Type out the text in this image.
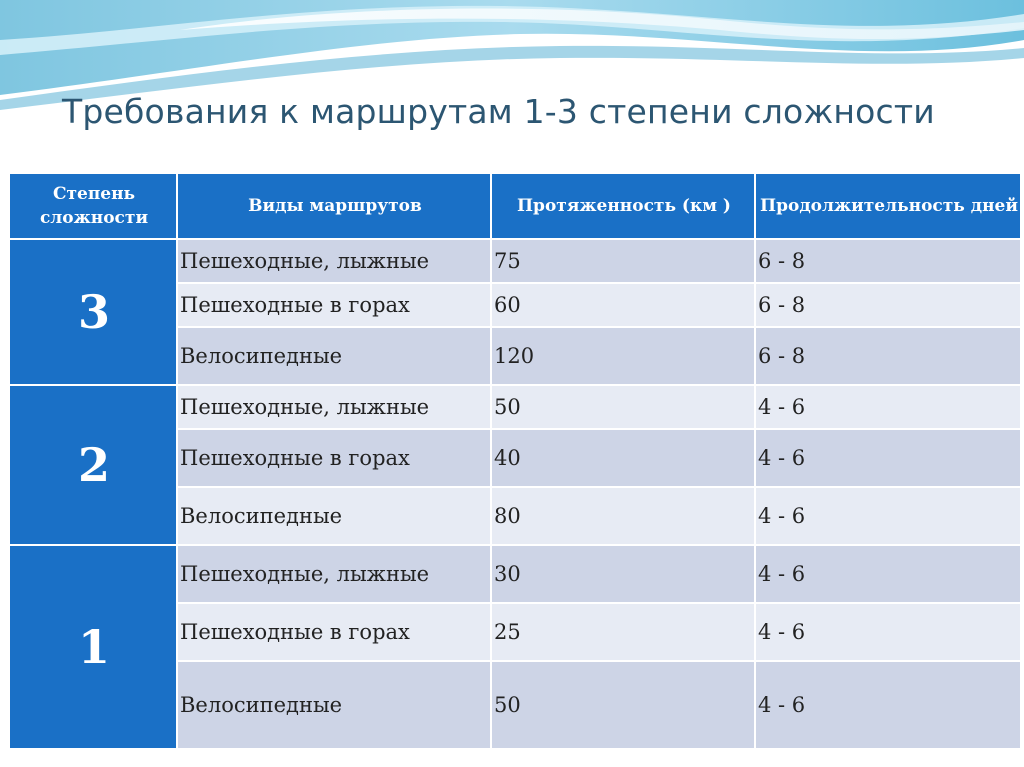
Требования к маршрутам 1-3 степени сложности
Степень сложности	Виды маршрутов	Протяженность (км )	Продолжительность дней
3	Пешеходные, лыжные	75	6 - 8
	Пешеходные в горах	60	6 - 8
	Велосипедные	120	6 - 8
2	Пешеходные, лыжные	50	4 - 6
	Пешеходные в горах	40	4 - 6
	Велосипедные	80	4 - 6
1	Пешеходные, лыжные	30	4 - 6
	Пешеходные в горах	25	4 - 6
	Велосипедные	50	4 - 6
